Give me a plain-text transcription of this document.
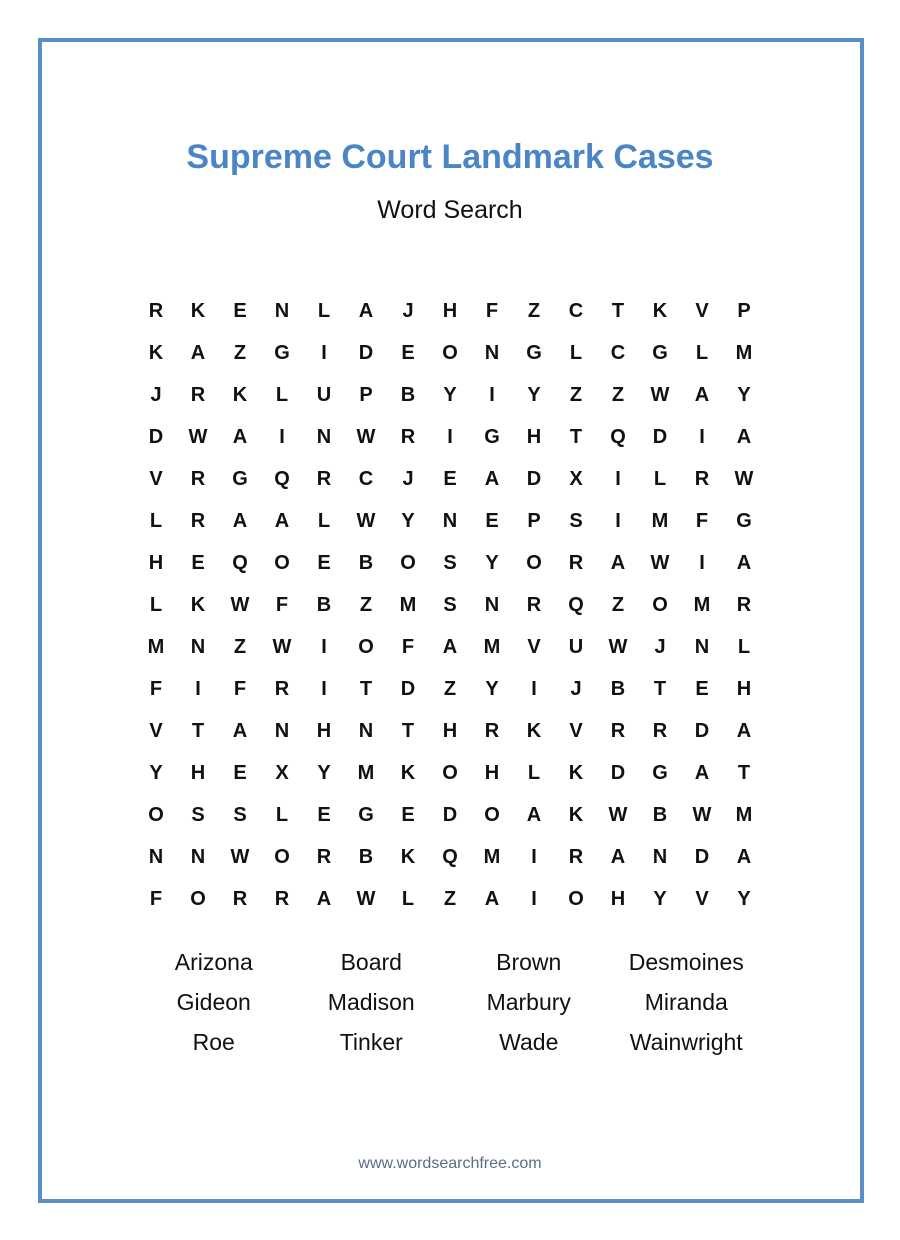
Supreme Court Landmark Cases
Word Search
R	K	E	N	L	A	J	H	F	Z	C	T	K	V	P
K	A	Z	G	I	D	E	O	N	G	L	C	G	L	M
J	R	K	L	U	P	B	Y	I	Y	Z	Z	W	A	Y
D	W	A	I	N	W	R	I	G	H	T	Q	D	I	A
V	R	G	Q	R	C	J	E	A	D	X	I	L	R	W
L	R	A	A	L	W	Y	N	E	P	S	I	M	F	G
H	E	Q	O	E	B	O	S	Y	O	R	A	W	I	A
L	K	W	F	B	Z	M	S	N	R	Q	Z	O	M	R
M	N	Z	W	I	O	F	A	M	V	U	W	J	N	L
F	I	F	R	I	T	D	Z	Y	I	J	B	T	E	H
V	T	A	N	H	N	T	H	R	K	V	R	R	D	A
Y	H	E	X	Y	M	K	O	H	L	K	D	G	A	T
O	S	S	L	E	G	E	D	O	A	K	W	B	W	M
N	N	W	O	R	B	K	Q	M	I	R	A	N	D	A
F	O	R	R	A	W	L	Z	A	I	O	H	Y	V	Y
Arizona	Board	Brown	Desmoines
Gideon	Madison	Marbury	Miranda
Roe	Tinker	Wade	Wainwright
www.wordsearchfree.com
